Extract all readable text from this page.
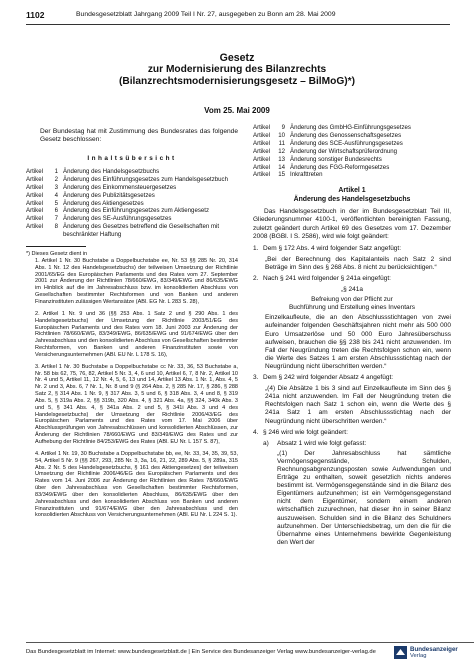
1102	Bundesgesetzblatt Jahrgang 2009 Teil I Nr. 27, ausgegeben zu Bonn am 28. Mai 2009
Gesetz
zur Modernisierung des Bilanzrechts
(Bilanzrechtsmodernisierungsgesetz – BilMoG)*)
Vom 25. Mai 2009
Der Bundestag hat mit Zustimmung des Bundesrates das folgende Gesetz beschlossen:
Inhaltsübersicht
Artikel	1 Änderung des Handelsgesetzbuchs
Artikel	2 Änderung des Einführungsgesetzes zum Handelsgesetzbuch
Artikel	3 Änderung des Einkommensteuergesetzes
Artikel	4 Änderung des Publizitätsgesetzes
Artikel	5 Änderung des Aktiengesetzes
Artikel	6 Änderung des Einführungsgesetzes zum Aktiengesetz
Artikel	7 Änderung des SE-Ausführungsgesetzes
Artikel	8 Änderung des Gesetzes betreffend die Gesellschaften mit beschränkter Haftung

*) Dieses Gesetz dient in

1. Artikel 1 Nr. 30 Buchstabe a Doppelbuchstabe ee, Nr. 53 §§ 285 Nr. 20, 314 Abs. 1 Nr. 12 des Handelsgesetzbuchs) der teilweisen Umsetzung der Richtlinie 2001/65/EG des Europäischen Parlaments und des Rates vom 27. September 2001 zur Änderung der Richtlinien 78/660/EWG, 83/349/EWG und 86/635/EWG im Hinblick auf die im Jahresabschluss bzw. im konsolidierten Abschluss von Gesellschaften bestimmter Rechtsformen und von Banken und anderen Finanzinstituten zulässigen Wertansätze (ABl. EG Nr. L 283 S. 28),

2. Artikel 1 Nr. 9 und 36 (§§ 253 Abs. 1 Satz 2 und § 290 Abs. 1 des Handelsgesetzbuchs) der Umsetzung der Richtlinie 2003/51/EG des Europäischen Parlaments und des Rates vom 18. Juni 2003 zur Änderung der Richtlinien 78/660/EWG, 83/349/EWG, 86/635/EWG und 91/674/EWG über den Jahresabschluss und den konsolidierten Abschluss von Gesellschaften bestimmter Rechtsformen, von Banken und anderen Finanzinstituten sowie von Versicherungsunternehmen (ABl. EU Nr. L 178 S. 16),

3. Artikel 1 Nr. 30 Buchstabe a Doppelbuchstabe cc Nr. 33, 36, 53 Buchstabe a, Nr. 58 bis 62, 75, 76, 82, Artikel 5 Nr. 3, 4, 6 und 10, Artikel 6, 7, 8 Nr. 2, Artikel 10 Nr. 4 und 5, Artikel 11, 12 Nr. 4, 5, 6, 13 und 14, Artikel 13 Abs. 1 Nr. 1, Abs. 4, 5 Nr. 2 und 3, Abs. 6, 7 Nr. 1, Nr. 8 und 9 (§ 264 Abs. 2, § 285 Nr. 17, § 286, § 288 Satz 2, § 314 Abs. 1 Nr. 9, § 317 Abs. 3, 5 und 6, § 318 Abs. 3, 4 und 8, § 319 Abs. 5, § 319a Abs. 2, §§ 319b, 320 Abs. 4, § 321 Abs. 4a, §§ 324, 340k Abs. 3 und 5, § 341 Abs. 4, § 341a Abs. 2 und 5, § 341i Abs. 3 und 4 des Handelsgesetzbuchs) der Umsetzung der Richtlinie 2006/43/EG des Europäischen Parlaments und des Rates vom 17. Mai 2006 über Abschlussprüfungen von Jahresabschlüssen und konsolidierten Abschlüssen, zur Änderung der Richtlinien 78/660/EWG und 83/349/EWG des Rates und zur Aufhebung der Richtlinie 84/253/EWG des Rates (ABl. EU Nr. L 157 S. 87),

4. Artikel 1 Nr. 19, 30 Buchstabe a Doppelbuchstabe bb, ee, Nr. 33, 34, 35, 39, 53, 54, Artikel 5 Nr. 9 (§§ 267, 293, 285 Nr. 3, 3a, 16, 21, 22, 289 Abs. 5, § 289a, 315 Abs. 2 Nr. 5 des Handelsgesetzbuchs, § 161 des Aktiengesetzes) der teilweisen Umsetzung der Richtlinie 2006/46/EG des Europäischen Parlaments und des Rates vom 14. Juni 2006 zur Änderung der Richtlinien des Rates 78/660/EWG über den Jahresabschluss von Gesellschaften bestimmter Rechtsformen, 83/349/EWG über den konsolidierten Abschluss, 86/635/EWG über den Jahresabschluss und den konsolidierten Abschluss von Banken und anderen Finanzinstituten und 91/674/EWG über den Jahresabschluss und den konsolidierten Abschluss von Versicherungsunternehmen (ABl. EU Nr. L 224 S. 1).

Artikel	9 Änderung des GmbHG-Einführungsgesetzes
Artikel	10 Änderung des Genossenschaftsgesetzes
Artikel	11 Änderung des SCE-Ausführungsgesetzes
Artikel	12 Änderung der Wirtschaftsprüferordnung
Artikel	13 Änderung sonstiger Bundesrechts
Artikel	14 Änderung des FGG-Reformgesetzes
Artikel	15 Inkrafttreten
Artikel 1
Änderung des Handelsgesetzbuchs

Das Handelsgesetzbuch in der im Bundesgesetzblatt Teil III, Gliederungsnummer 4100-1, veröffentlichten bereinigten Fassung, zuletzt geändert durch Artikel 69 des Gesetzes vom 17. Dezember 2008 (BGBl. I S. 2586), wird wie folgt geändert:

1. Dem § 172 Abs. 4 wird folgender Satz angefügt:

„Bei der Berechnung des Kapitalanteils nach Satz 2 sind Beträge im Sinn des § 268 Abs. 8 nicht zu berücksichtigen.“

2. Nach § 241 wird folgender § 241a eingefügt:
„§ 241a
Befreiung von der Pflicht zur
Buchführung und Erstellung eines Inventars

Einzelkaufleute, die an den Abschlussstichtagen von zwei aufeinander folgenden Geschäftsjahren nicht mehr als 500 000 Euro Umsatzerlöse und 50 000 Euro Jahresüberschuss aufweisen, brauchen die §§ 238 bis 241 nicht anzuwenden. Im Fall der Neugründung treten die Rechtsfolgen schon ein, wenn die Werte des Satzes 1 am ersten Abschlussstichtag nach der Neugründung nicht überschritten werden.“

3. Dem § 242 wird folgender Absatz 4 angefügt:

„(4) Die Absätze 1 bis 3 sind auf Einzelkaufleute im Sinn des § 241a nicht anzuwenden. Im Fall der Neugründung treten die Rechtsfolgen nach Satz 1 schon ein, wenn die Werte des § 241a Satz 1 am ersten Abschlussstichtag nach der Neugründung nicht überschritten werden.“

4. § 246 wird wie folgt geändert:
a)	Absatz 1 wird wie folgt gefasst:

„(1) Der Jahresabschluss hat sämtliche Vermögensgegenstände, Schulden, Rechnungsabgrenzungsposten sowie Aufwendungen und Erträge zu enthalten, soweit gesetzlich nichts anderes bestimmt ist. Vermögensgegenstände sind in die Bilanz des Eigentümers aufzunehmen; ist ein Vermögensgegenstand nicht dem Eigentümer, sondern einem anderen wirtschaftlich zuzurechnen, hat dieser ihn in seiner Bilanz auszuweisen. Schulden sind in die Bilanz des Schuldners aufzunehmen. Der Unterschiedsbetrag, um den die für die Übernahme eines Unternehmens bewirkte Gegenleistung den Wert der

Das Bundesgesetzblatt im Internet: www.bundesgesetzblatt.de | Ein Service des Bundesanzeiger Verlag www.bundesanzeiger-verlag.de	Bundesanzeiger
Verlag
